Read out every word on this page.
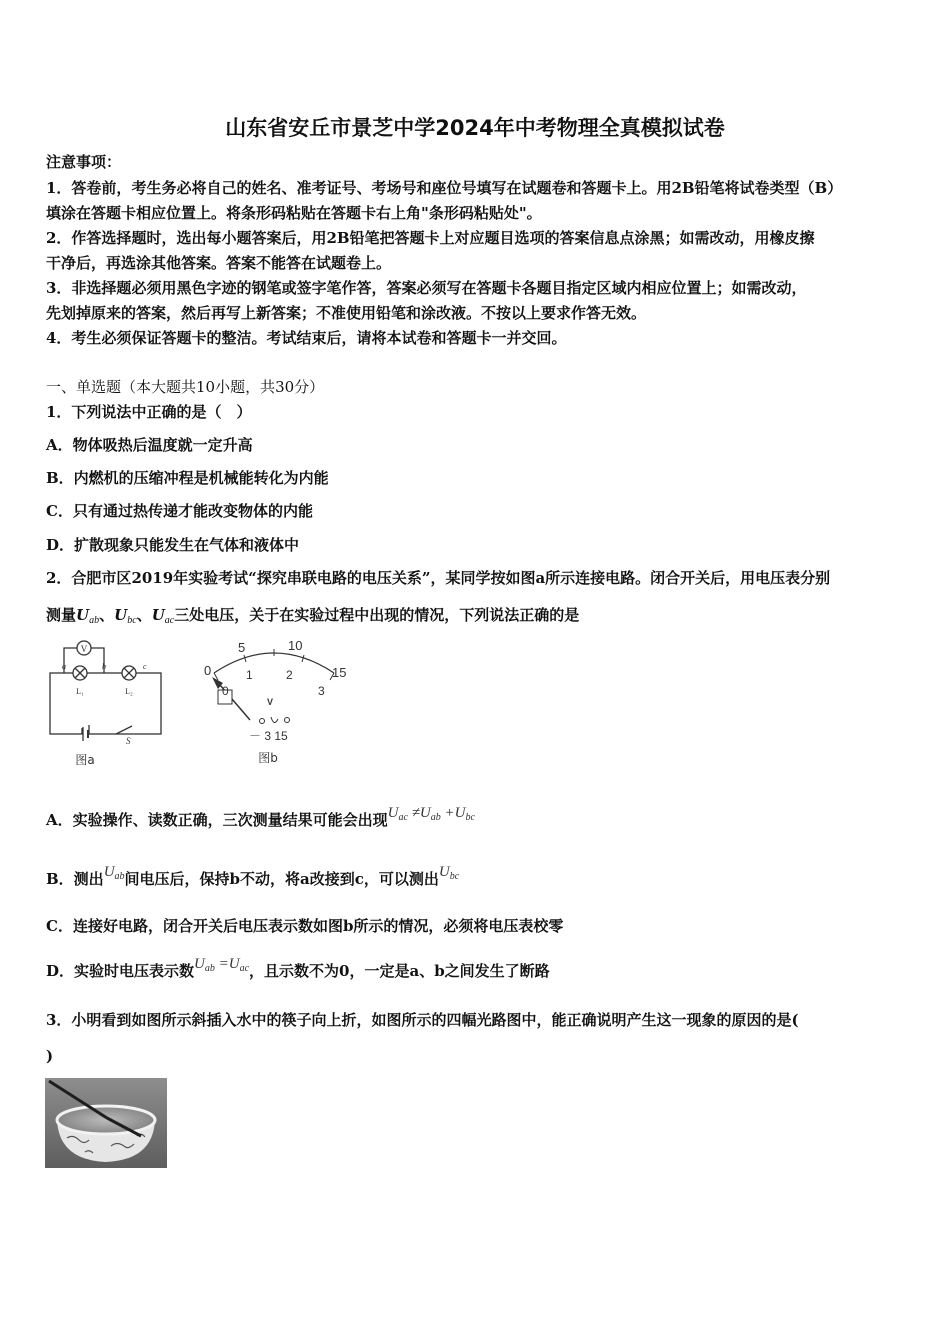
山东省安丘市景芝中学2024年中考物理全真模拟试卷
注意事项：
1．答卷前，考生务必将自己的姓名、准考证号、考场号和座位号填写在试题卷和答题卡上。用2B铅笔将试卷类型（B）
填涂在答题卡相应位置上。将条形码粘贴在答题卡右上角"条形码粘贴处"。
2．作答选择题时，选出每小题答案后，用2B铅笔把答题卡上对应题目选项的答案信息点涂黑；如需改动，用橡皮擦
干净后，再选涂其他答案。答案不能答在试题卷上。
3．非选择题必须用黑色字迹的钢笔或签字笔作答，答案必须写在答题卡各题目指定区域内相应位置上；如需改动，
先划掉原来的答案，然后再写上新答案；不准使用铅笔和涂改液。不按以上要求作答无效。
4．考生必须保证答题卡的整洁。考试结束后，请将本试卷和答题卡一并交回。
一、单选题（本大题共10小题，共30分）
1．下列说法中正确的是（　）
A．物体吸热后温度就一定升高
B．内燃机的压缩冲程是机械能转化为内能
C．只有通过热传递才能改变物体的内能
D．扩散现象只能发生在气体和液体中
2．合肥市区2019年实验考试“探究串联电路的电压关系”，某同学按如图a所示连接电路。闭合开关后，用电压表分别
测量$U_{ab}$、$U_{bc}$、$U_{ac}$三处电压，关于在实验过程中出现的情况，下列说法正确的是
V
L₁	L₂
a	b	c
S
图a
0
5	10
15
0
1	2
3
V
－ 3 15
图b
A．实验操作、读数正确，三次测量结果可能会出现$U_{ac} \ne U_{ab} +U_{bc}$
B．测出$U_{ab}$间电压后，保持b不动，将a改接到c，可以测出$U_{bc}$
C．连接好电路，闭合开关后电压表示数如图b所示的情况，必须将电压表校零
D．实验时电压表示数$U_{ab} =U_{ac}$，且示数不为0，一定是a、b之间发生了断路
3．小明看到如图所示斜插入水中的筷子向上折，如图所示的四幅光路图中，能正确说明产生这一现象的原因的是(
)
